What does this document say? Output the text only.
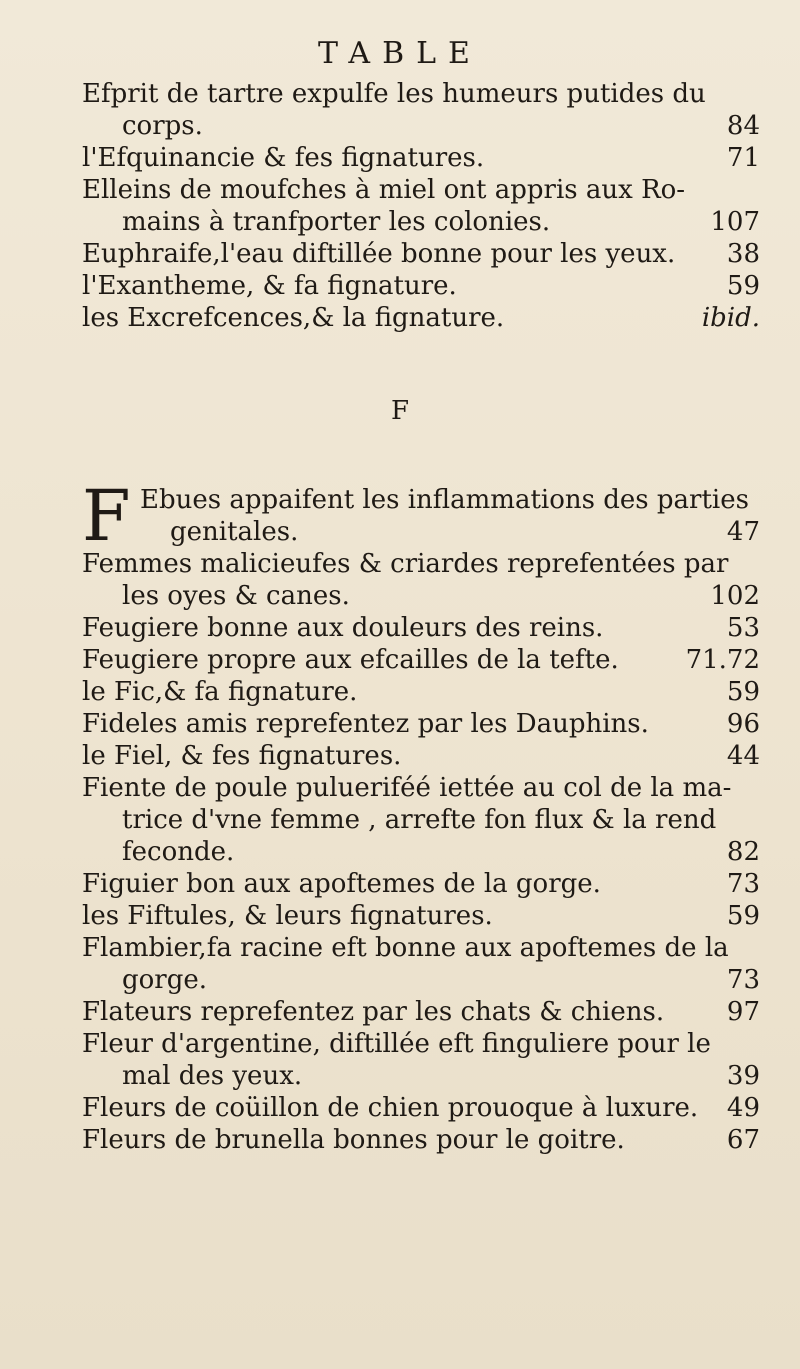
TABLE
Efprit de tartre expulfe les humeurs putides du
corps.	84
l'Efquinancie & fes fignatures.	71
Elleins de moufches à miel ont appris aux Ro-
mains à tranfporter les colonies.	107
Euphraife,l'eau diftillée bonne pour les yeux.	38
l'Exantheme, & fa fignature.	59
les Excrefcences,& la fignature.	ibid.
F
F Ebues appaifent les inflammations des parties
genitales.	47
Femmes malicieufes & criardes reprefentées par
les oyes & canes.	102
Feugiere bonne aux douleurs des reins.	53
Feugiere propre aux efcailles de la tefte.	71.72
le Fic,& fa fignature.	59
Fideles amis reprefentez par les Dauphins.	96
le Fiel, & fes fignatures.	44
Fiente de poule pulueriféé iettée au col de la ma-
trice d'vne femme , arrefte fon flux & la rend
feconde.	82
Figuier bon aux apoftemes de la gorge.	73
les Fiftules, & leurs fignatures.	59
Flambier,fa racine eft bonne aux apoftemes de la
gorge.	73
Flateurs reprefentez par les chats & chiens.	97
Fleur d'argentine, diftillée eft finguliere pour le
mal des yeux.	39
Fleurs de coüillon de chien prouoque à luxure.	49
Fleurs de brunella bonnes pour le goitre.	67
